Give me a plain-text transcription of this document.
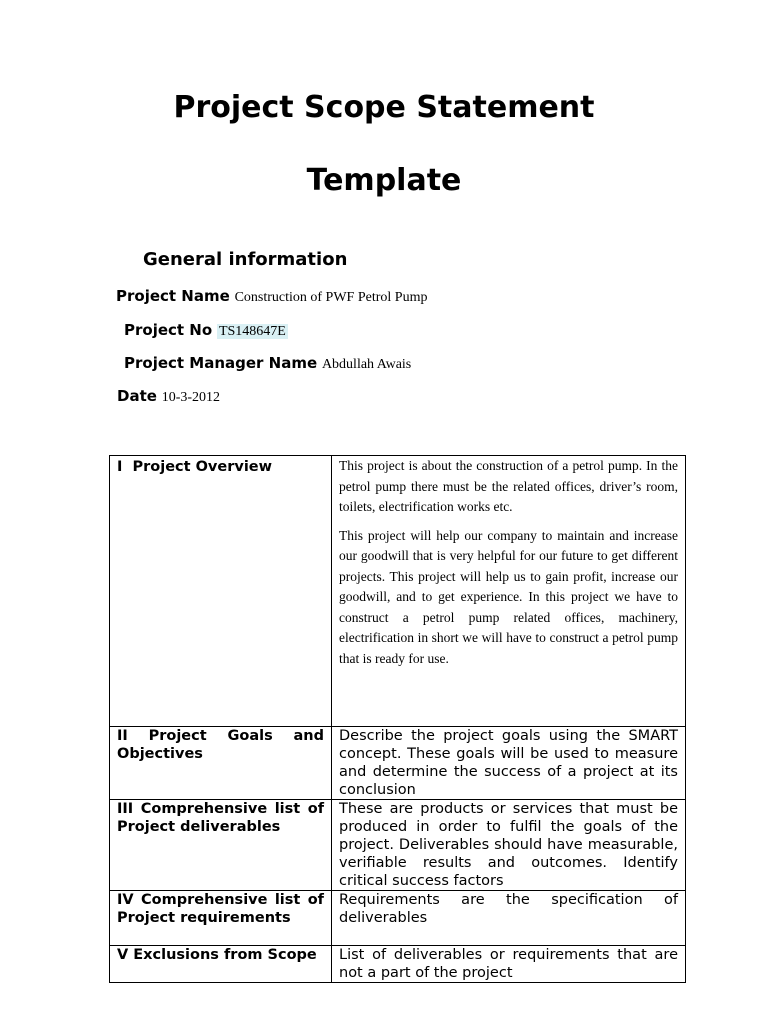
Project Scope Statement
Template
General information
Project Name Construction of PWF Petrol Pump
Project No TS148647E
Project Manager Name Abdullah Awais
Date 10-3-2012
I  Project Overview	This project is about the construction of a petrol pump. In the petrol pump there must be the related offices, driver’s room, toilets, electrification works etc.

This project will help our company to maintain and increase our goodwill that is very helpful for our future to get different projects. This project will help us to gain profit, increase our goodwill, and to get experience. In this project we have to construct a petrol pump related offices, machinery, electrification in short we will have to construct a petrol pump that is ready for use.

II Project Goals and Objectives	Describe the project goals using the SMART concept. These goals will be used to measure and determine the success of a project at its conclusion

III Comprehensive list of Project deliverables	These are products or services that must be produced in order to fulfil the goals of the project. Deliverables should have measurable, verifiable results and outcomes. Identify critical success factors

IV Comprehensive list of Project requirements	Requirements are the specification of deliverables

V Exclusions from Scope	List of deliverables or requirements that are not a part of the project
